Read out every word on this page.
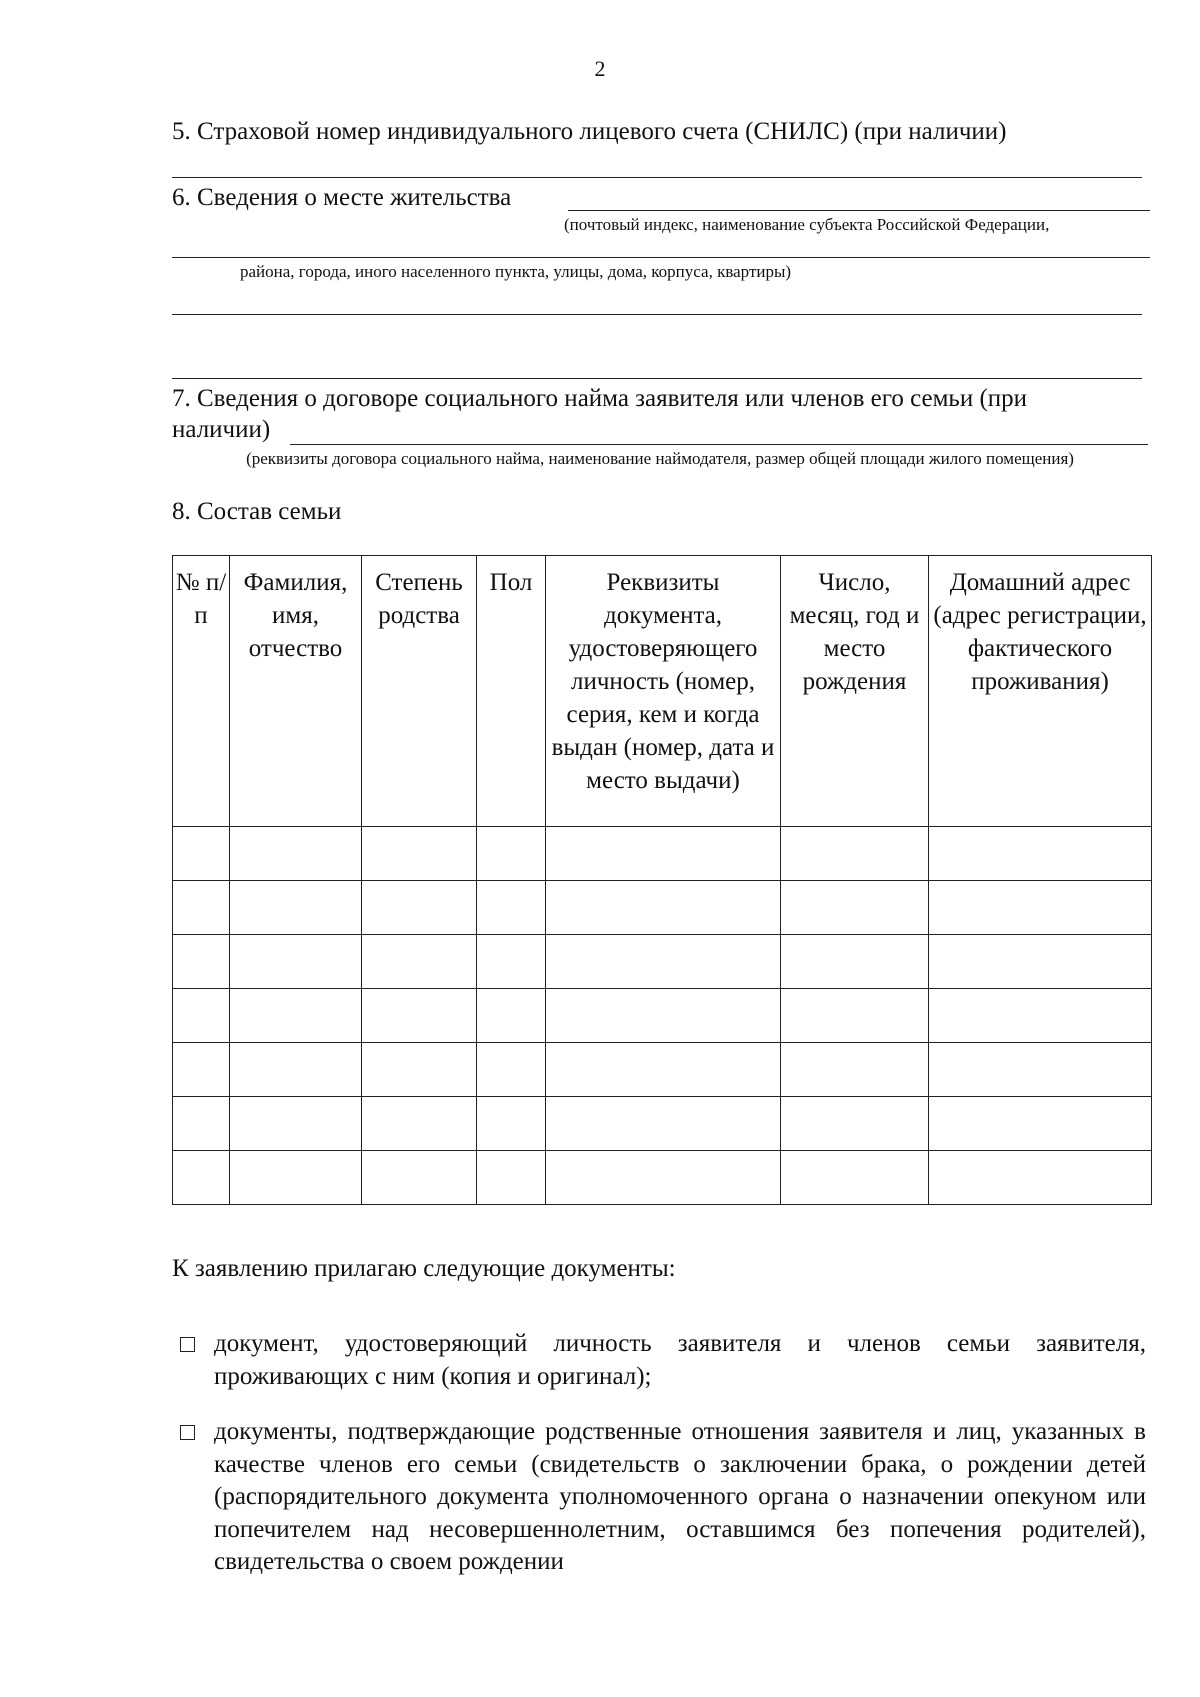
2
5. Страховой номер индивидуального лицевого счета (СНИЛС) (при наличии)
6. Сведения о месте жительства
(почтовый индекс, наименование субъекта Российской Федерации,
района, города, иного населенного пункта, улицы, дома, корпуса, квартиры)
7. Сведения о договоре социального найма заявителя или членов его семьи (при
наличии)
(реквизиты договора социального найма, наименование наймодателя, размер общей площади жилого помещения)
8. Состав семьи
№ п/п	Фамилия, имя, отчество	Степень родства	Пол	Реквизиты документа, удостоверяющего личность (номер, серия, кем и когда выдан (номер, дата и место выдачи)	Число, месяц, год и место рождения	Домашний адрес (адрес регистрации, фактического проживания)

К заявлению прилагаю следующие документы:
документ, удостоверяющий личность заявителя и членов семьи заявителя, проживающих с ним (копия и оригинал);
документы, подтверждающие родственные отношения заявителя и лиц, указанных в качестве членов его семьи (свидетельств о заключении брака, о рождении детей (распорядительного документа уполномоченного органа о назначении опекуном или попечителем над несовершеннолетним, оставшимся без попечения родителей), свидетельства о своем рождении
